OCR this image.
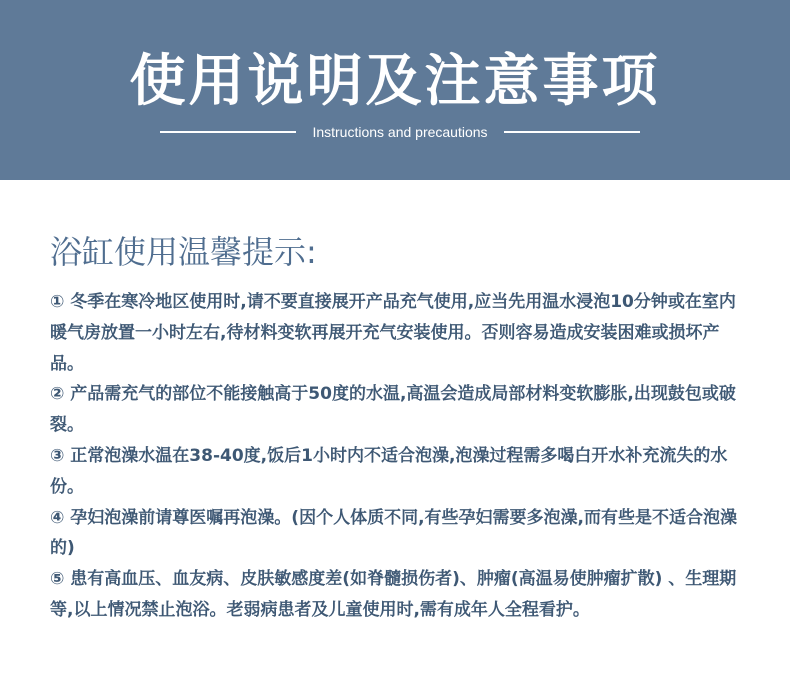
使用说明及注意事项
Instructions and precautions
浴缸使用温馨提示:

① 冬季在寒冷地区使用时,请不要直接展开产品充气使用,应当先用温水浸泡10分钟或在室内暖气房放置一小时左右,待材料变软再展开充气安装使用。否则容易造成安装困难或损坏产品。

② 产品需充气的部位不能接触高于50度的水温,高温会造成局部材料变软膨胀,出现鼓包或破裂。

③ 正常泡澡水温在38-40度,饭后1小时内不适合泡澡,泡澡过程需多喝白开水补充流失的水份。

④ 孕妇泡澡前请尊医嘱再泡澡。(因个人体质不同,有些孕妇需要多泡澡,而有些是不适合泡澡的)

⑤ 患有高血压、血友病、皮肤敏感度差(如脊髓损伤者)、肿瘤(高温易使肿瘤扩散) 、生理期等,以上情况禁止泡浴。老弱病患者及儿童使用时,需有成年人全程看护。
